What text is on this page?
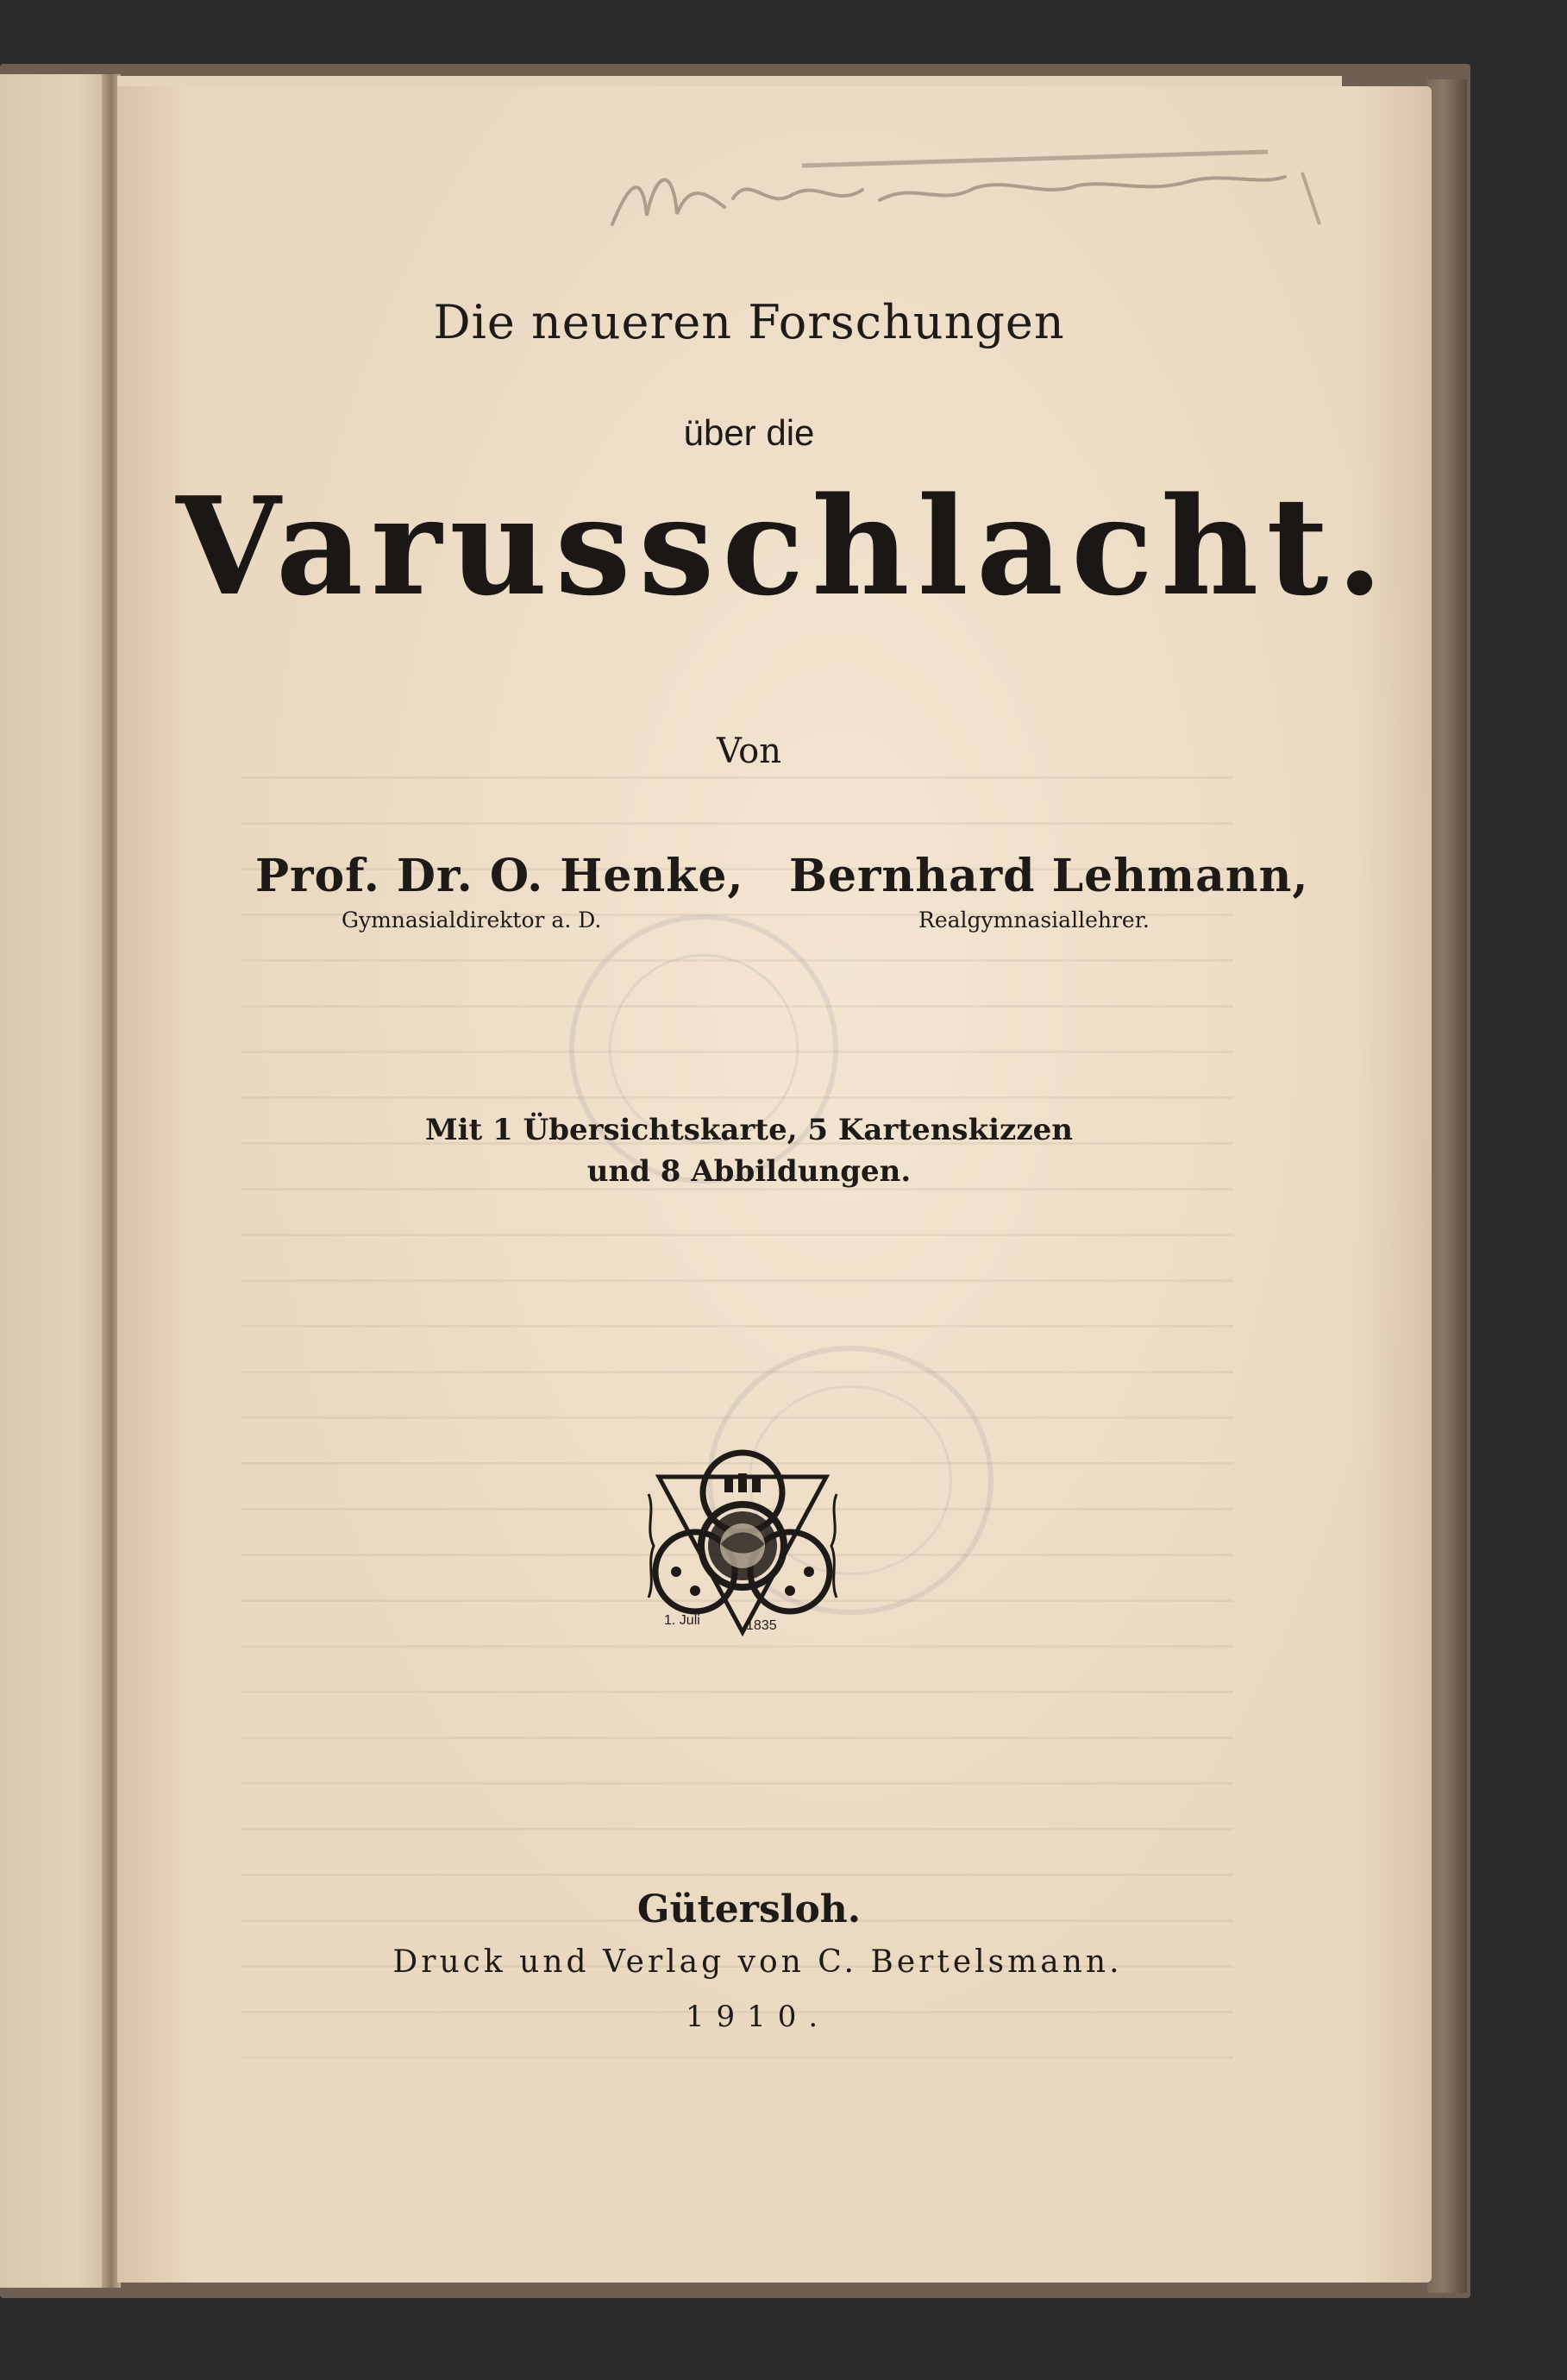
Die neueren Forschungen
über die
Varusschlacht.
Von
Prof. Dr. O. Henke,
Gymnasialdirektor a. D.
Bernhard Lehmann,
Realgymnasiallehrer.
Mit 1 Übersichtskarte, 5 Kartenskizzen
und 8 Abbildungen.
1. Juli	1835
Gütersloh.
Druck und Verlag von C. Bertelsmann.
1910.
